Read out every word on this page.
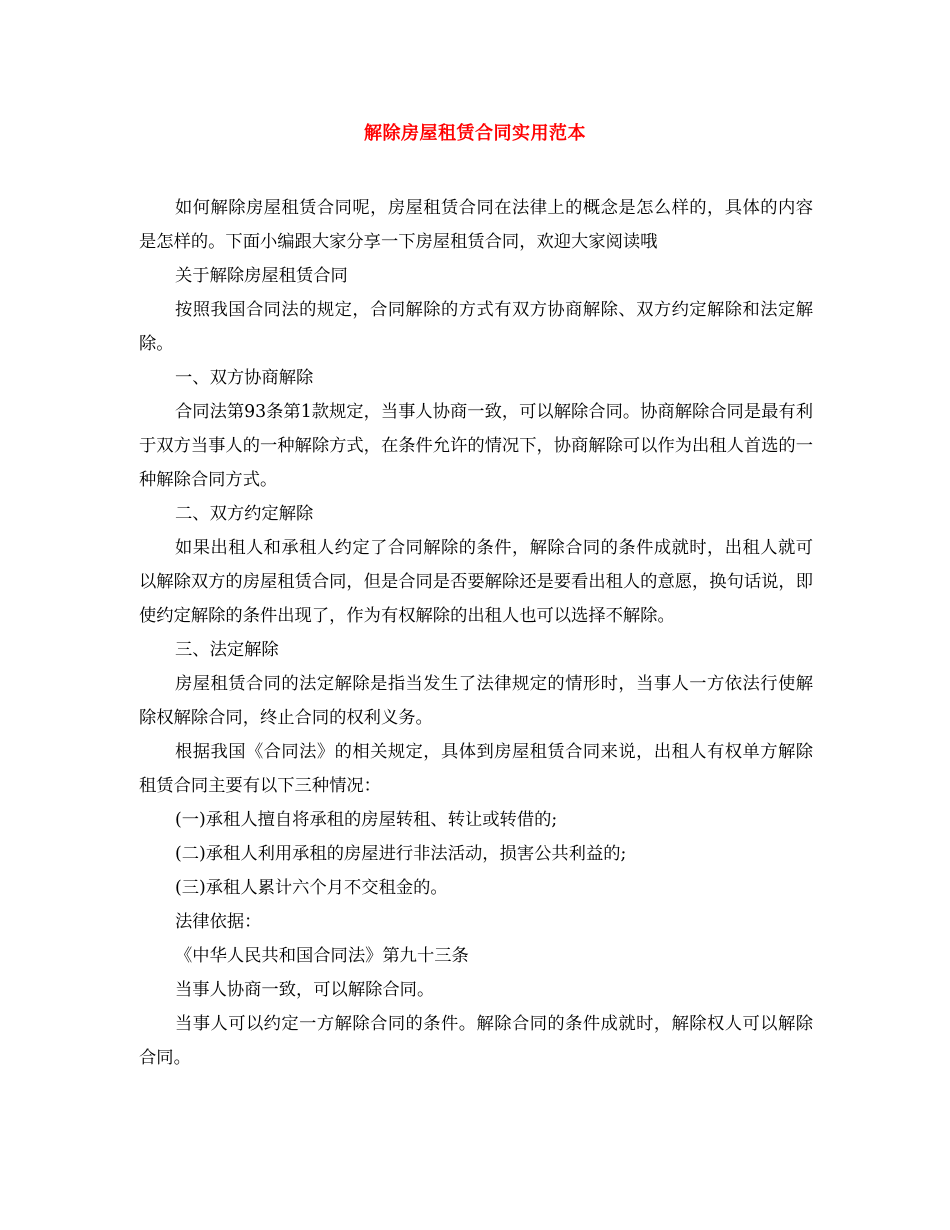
解除房屋租赁合同实用范本

如何解除房屋租赁合同呢，房屋租赁合同在法律上的概念是怎么样的，具体的内容是怎样的。下面小编跟大家分享一下房屋租赁合同，欢迎大家阅读哦

关于解除房屋租赁合同

按照我国合同法的规定，合同解除的方式有双方协商解除、双方约定解除和法定解除。

一、双方协商解除

合同法第93条第1款规定，当事人协商一致，可以解除合同。协商解除合同是最有利于双方当事人的一种解除方式，在条件允许的情况下，协商解除可以作为出租人首选的一种解除合同方式。

二、双方约定解除

如果出租人和承租人约定了合同解除的条件，解除合同的条件成就时，出租人就可以解除双方的房屋租赁合同，但是合同是否要解除还是要看出租人的意愿，换句话说，即使约定解除的条件出现了，作为有权解除的出租人也可以选择不解除。

三、法定解除

房屋租赁合同的法定解除是指当发生了法律规定的情形时，当事人一方依法行使解除权解除合同，终止合同的权利义务。

根据我国《合同法》的相关规定，具体到房屋租赁合同来说，出租人有权单方解除租赁合同主要有以下三种情况：

(一)承租人擅自将承租的房屋转租、转让或转借的;

(二)承租人利用承租的房屋进行非法活动，损害公共利益的;

(三)承租人累计六个月不交租金的。

法律依据：

《中华人民共和国合同法》第九十三条

当事人协商一致，可以解除合同。

当事人可以约定一方解除合同的条件。解除合同的条件成就时，解除权人可以解除合同。
